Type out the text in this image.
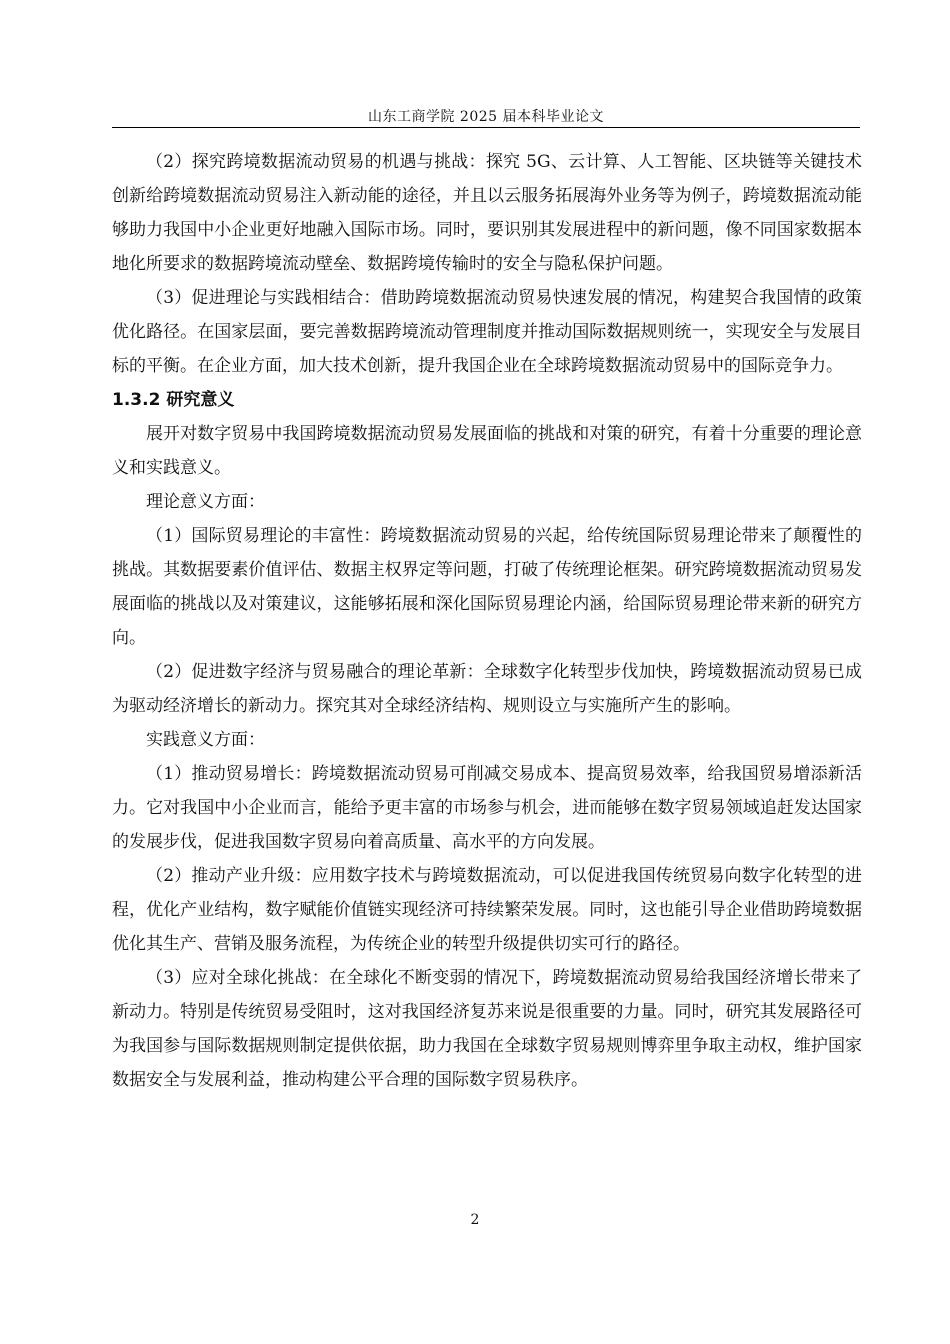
山东工商学院 2025 届本科毕业论文

（2）探究跨境数据流动贸易的机遇与挑战：探究 5G、云计算、人工智能、区块链等关键技术创新给跨境数据流动贸易注入新动能的途径，并且以云服务拓展海外业务等为例子，跨境数据流动能够助力我国中小企业更好地融入国际市场。同时，要识别其发展进程中的新问题，像不同国家数据本地化所要求的数据跨境流动壁垒、数据跨境传输时的安全与隐私保护问题。

（3）促进理论与实践相结合：借助跨境数据流动贸易快速发展的情况，构建契合我国情的政策优化路径。在国家层面，要完善数据跨境流动管理制度并推动国际数据规则统一，实现安全与发展目标的平衡。在企业方面，加大技术创新，提升我国企业在全球跨境数据流动贸易中的国际竞争力。

1.3.2 研究意义

展开对数字贸易中我国跨境数据流动贸易发展面临的挑战和对策的研究，有着十分重要的理论意义和实践意义。

理论意义方面：

（1）国际贸易理论的丰富性：跨境数据流动贸易的兴起，给传统国际贸易理论带来了颠覆性的挑战。其数据要素价值评估、数据主权界定等问题，打破了传统理论框架。研究跨境数据流动贸易发展面临的挑战以及对策建议，这能够拓展和深化国际贸易理论内涵，给国际贸易理论带来新的研究方向。

（2）促进数字经济与贸易融合的理论革新：全球数字化转型步伐加快，跨境数据流动贸易已成为驱动经济增长的新动力。探究其对全球经济结构、规则设立与实施所产生的影响。

实践意义方面：

（1）推动贸易增长：跨境数据流动贸易可削减交易成本、提高贸易效率，给我国贸易增添新活力。它对我国中小企业而言，能给予更丰富的市场参与机会，进而能够在数字贸易领域追赶发达国家的发展步伐，促进我国数字贸易向着高质量、高水平的方向发展。

（2）推动产业升级：应用数字技术与跨境数据流动，可以促进我国传统贸易向数字化转型的进程，优化产业结构，数字赋能价值链实现经济可持续繁荣发展。同时，这也能引导企业借助跨境数据优化其生产、营销及服务流程，为传统企业的转型升级提供切实可行的路径。

（3）应对全球化挑战：在全球化不断变弱的情况下，跨境数据流动贸易给我国经济增长带来了新动力。特别是传统贸易受阻时，这对我国经济复苏来说是很重要的力量。同时，研究其发展路径可为我国参与国际数据规则制定提供依据，助力我国在全球数字贸易规则博弈里争取主动权，维护国家数据安全与发展利益，推动构建公平合理的国际数字贸易秩序。

2
